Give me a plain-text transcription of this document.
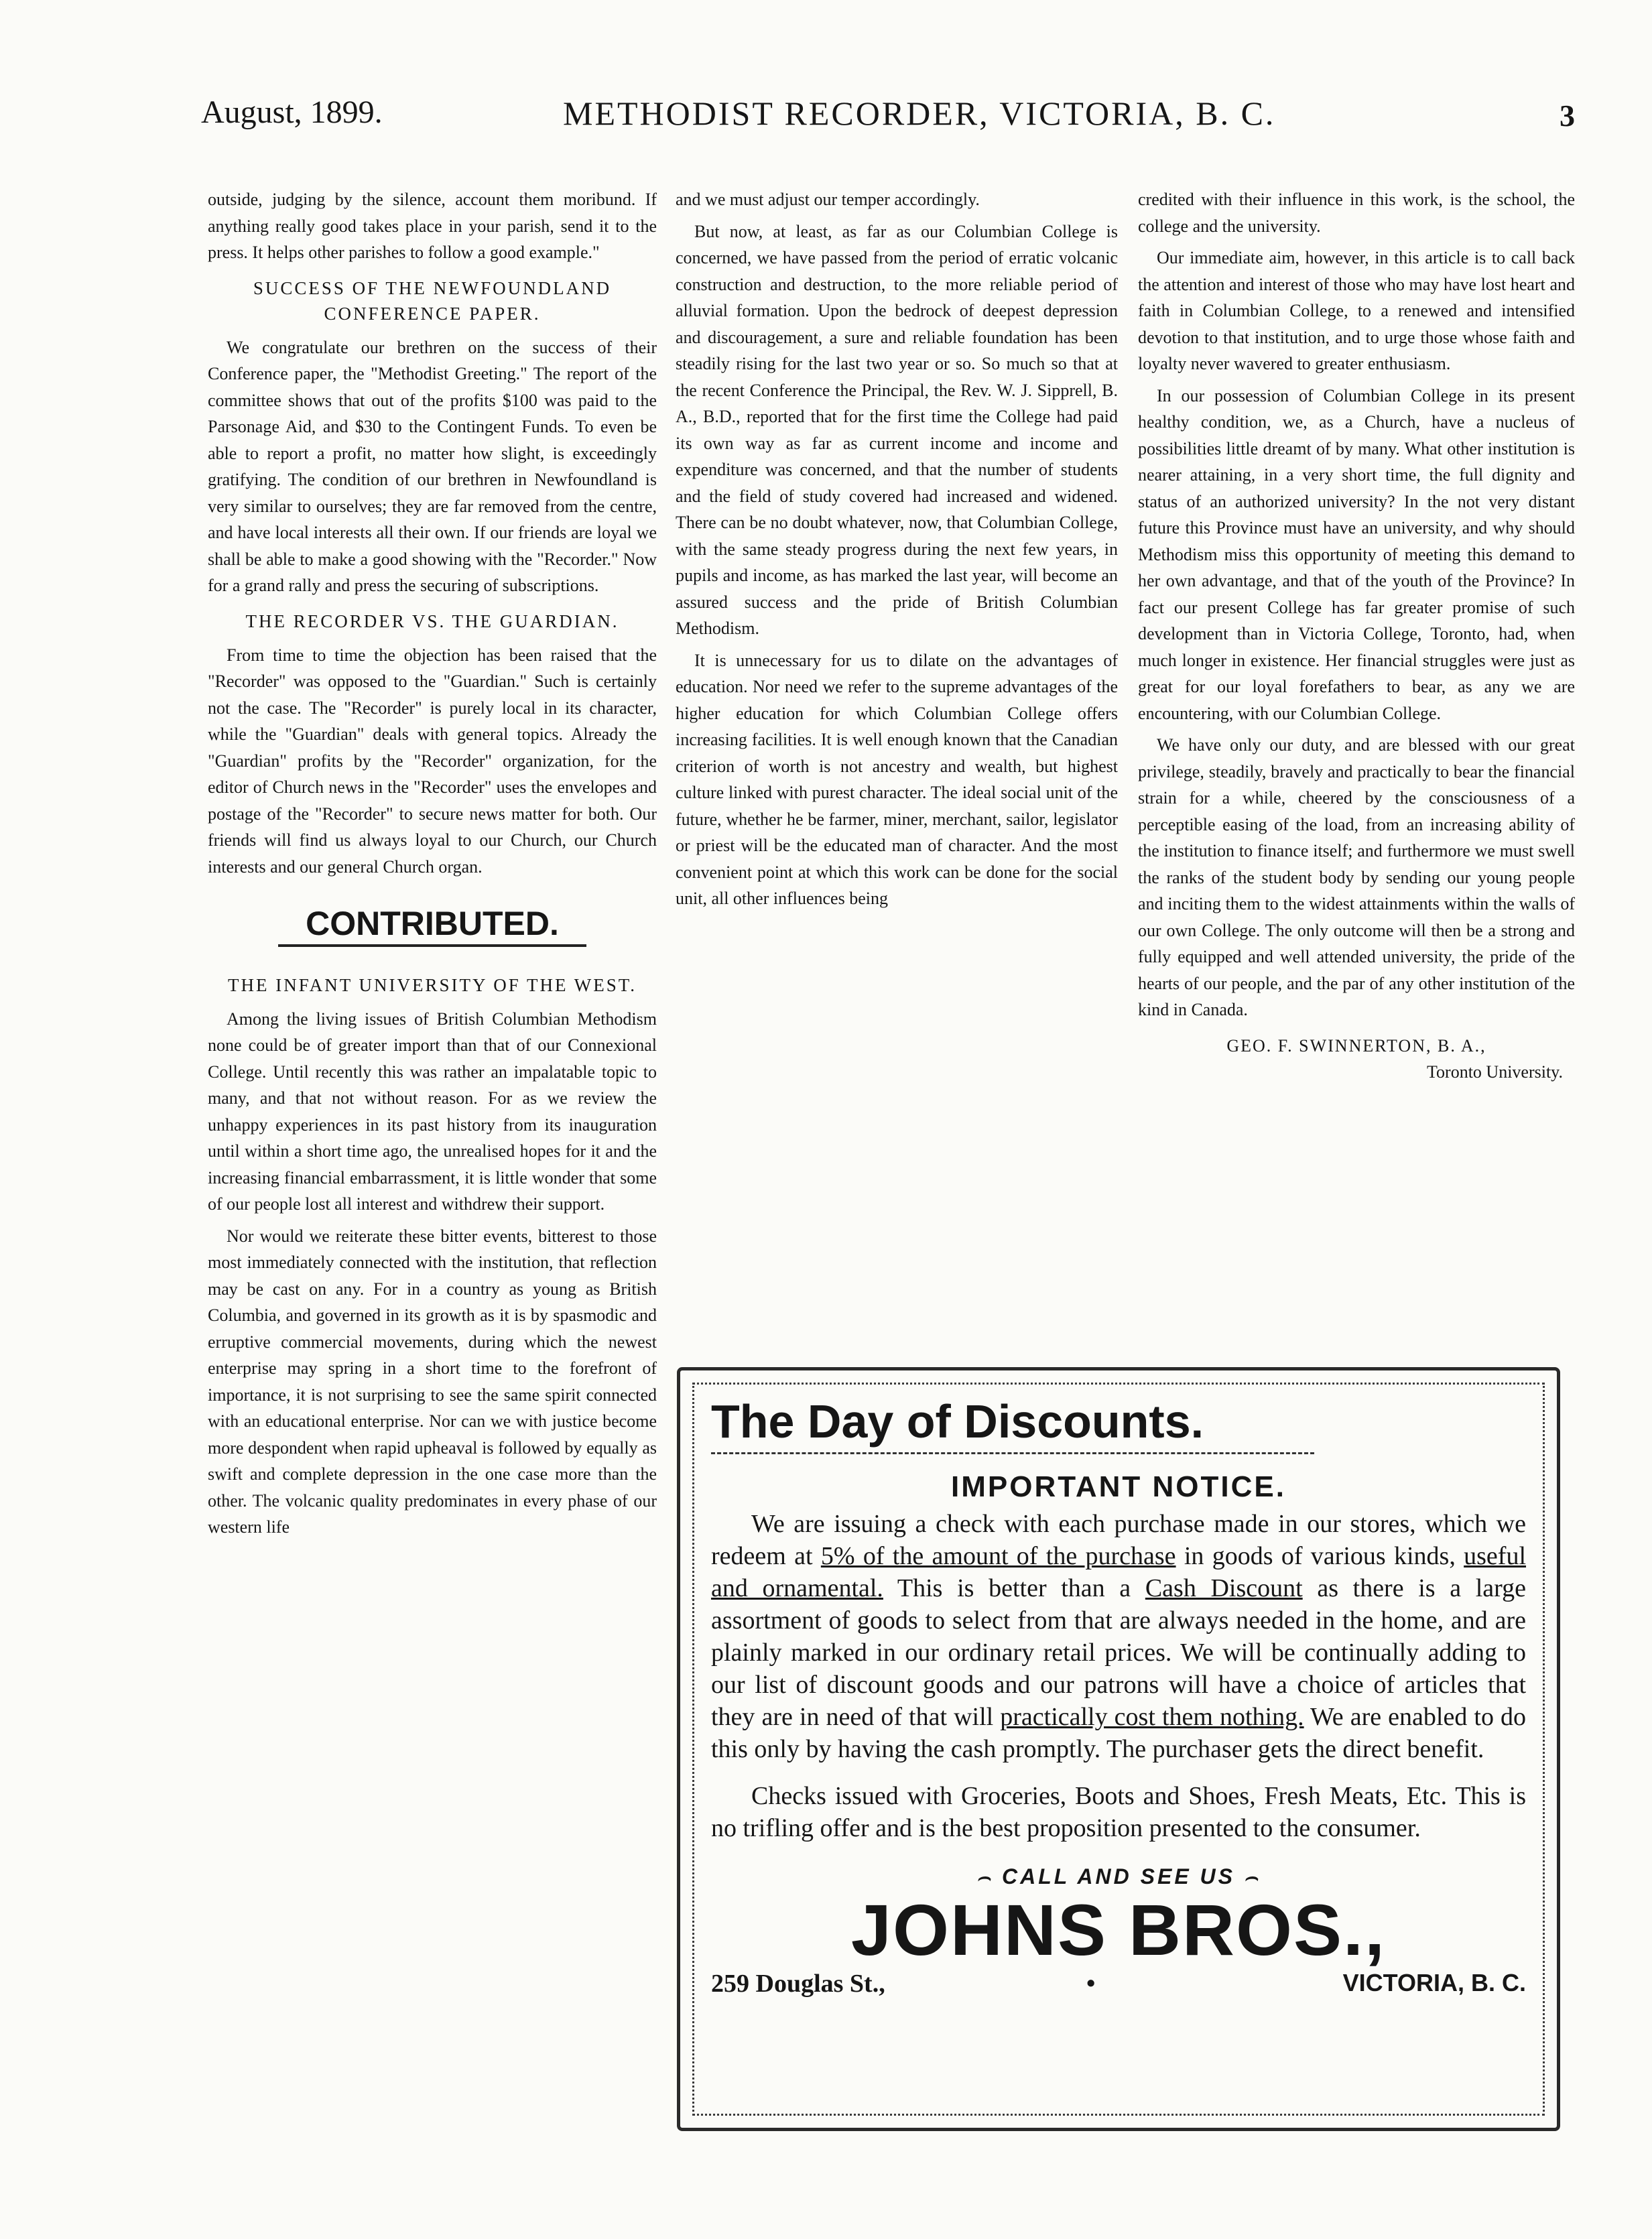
August, 1899.	METHODIST RECORDER, VICTORIA, B. C.	3

outside, judging by the silence, account them moribund. If anything really good takes place in your parish, send it to the press. It helps other parishes to follow a good example."

SUCCESS OF THE NEWFOUNDLAND CONFERENCE PAPER.

We congratulate our brethren on the success of their Conference paper, the "Methodist Greeting." The report of the committee shows that out of the profits $100 was paid to the Parsonage Aid, and $30 to the Contingent Funds. To even be able to report a profit, no matter how slight, is exceedingly gratifying. The condition of our brethren in Newfoundland is very similar to ourselves; they are far removed from the centre, and have local interests all their own. If our friends are loyal we shall be able to make a good showing with the "Recorder." Now for a grand rally and press the securing of subscriptions.

THE RECORDER VS. THE GUARDIAN.

From time to time the objection has been raised that the "Recorder" was opposed to the "Guardian." Such is certainly not the case. The "Recorder" is purely local in its character, while the "Guardian" deals with general topics. Already the "Guardian" profits by the "Recorder" organization, for the editor of Church news in the "Recorder" uses the envelopes and postage of the "Recorder" to secure news matter for both. Our friends will find us always loyal to our Church, our Church interests and our general Church organ.

CONTRIBUTED.
THE INFANT UNIVERSITY OF THE WEST.

Among the living issues of British Columbian Methodism none could be of greater import than that of our Connexional College. Until recently this was rather an impalatable topic to many, and that not without reason. For as we review the unhappy experiences in its past history from its inauguration until within a short time ago, the unrealised hopes for it and the increasing financial embarrassment, it is little wonder that some of our people lost all interest and withdrew their support.

Nor would we reiterate these bitter events, bitterest to those most immediately connected with the institution, that reflection may be cast on any. For in a country as young as British Columbia, and governed in its growth as it is by spasmodic and erruptive commercial movements, during which the newest enterprise may spring in a short time to the forefront of importance, it is not surprising to see the same spirit connected with an educational enterprise. Nor can we with justice become more despondent when rapid upheaval is followed by equally as swift and complete depression in the one case more than the other. The volcanic quality predominates in every phase of our western life

and we must adjust our temper accordingly.

But now, at least, as far as our Columbian College is concerned, we have passed from the period of erratic volcanic construction and destruction, to the more reliable period of alluvial formation. Upon the bedrock of deepest depression and discouragement, a sure and reliable foundation has been steadily rising for the last two year or so. So much so that at the recent Conference the Principal, the Rev. W. J. Sipprell, B. A., B.D., reported that for the first time the College had paid its own way as far as current income and income and expenditure was concerned, and that the number of students and the field of study covered had increased and widened. There can be no doubt whatever, now, that Columbian College, with the same steady progress during the next few years, in pupils and income, as has marked the last year, will become an assured success and the pride of British Columbian Methodism.

It is unnecessary for us to dilate on the advantages of education. Nor need we refer to the supreme advantages of the higher education for which Columbian College offers increasing facilities. It is well enough known that the Canadian criterion of worth is not ancestry and wealth, but highest culture linked with purest character. The ideal social unit of the future, whether he be farmer, miner, merchant, sailor, legislator or priest will be the educated man of character. And the most convenient point at which this work can be done for the social unit, all other influences being

credited with their influence in this work, is the school, the college and the university.

Our immediate aim, however, in this article is to call back the attention and interest of those who may have lost heart and faith in Columbian College, to a renewed and intensified devotion to that institution, and to urge those whose faith and loyalty never wavered to greater enthusiasm.

In our possession of Columbian College in its present healthy condition, we, as a Church, have a nucleus of possibilities little dreamt of by many. What other institution is nearer attaining, in a very short time, the full dignity and status of an authorized university? In the not very distant future this Province must have an university, and why should Methodism miss this opportunity of meeting this demand to her own advantage, and that of the youth of the Province? In fact our present College has far greater promise of such development than in Victoria College, Toronto, had, when much longer in existence. Her financial struggles were just as great for our loyal forefathers to bear, as any we are encountering, with our Columbian College.

We have only our duty, and are blessed with our great privilege, steadily, bravely and practically to bear the financial strain for a while, cheered by the consciousness of a perceptible easing of the load, from an increasing ability of the institution to finance itself; and furthermore we must swell the ranks of the student body by sending our young people and inciting them to the widest attainments within the walls of our own College. The only outcome will then be a strong and fully equipped and well attended university, the pride of the hearts of our people, and the par of any other institution of the kind in Canada.

GEO. F. SWINNERTON, B. A.,
Toronto University.
The Day of Discounts.
IMPORTANT NOTICE.

We are issuing a check with each purchase made in our stores, which we redeem at 5% of the amount of the purchase in goods of various kinds, useful and ornamental. This is better than a Cash Discount as there is a large assortment of goods to select from that are always needed in the home, and are plainly marked in our ordinary retail prices. We will be continually adding to our list of discount goods and our patrons will have a choice of articles that they are in need of that will practically cost them nothing. We are enabled to do this only by having the cash promptly. The purchaser gets the direct benefit.

Checks issued with Groceries, Boots and Shoes, Fresh Meats, Etc. This is no trifling offer and is the best proposition presented to the consumer.

⌢ CALL AND SEE US ⌢
JOHNS BROS.,
259 Douglas St.,	•	VICTORIA, B. C.
